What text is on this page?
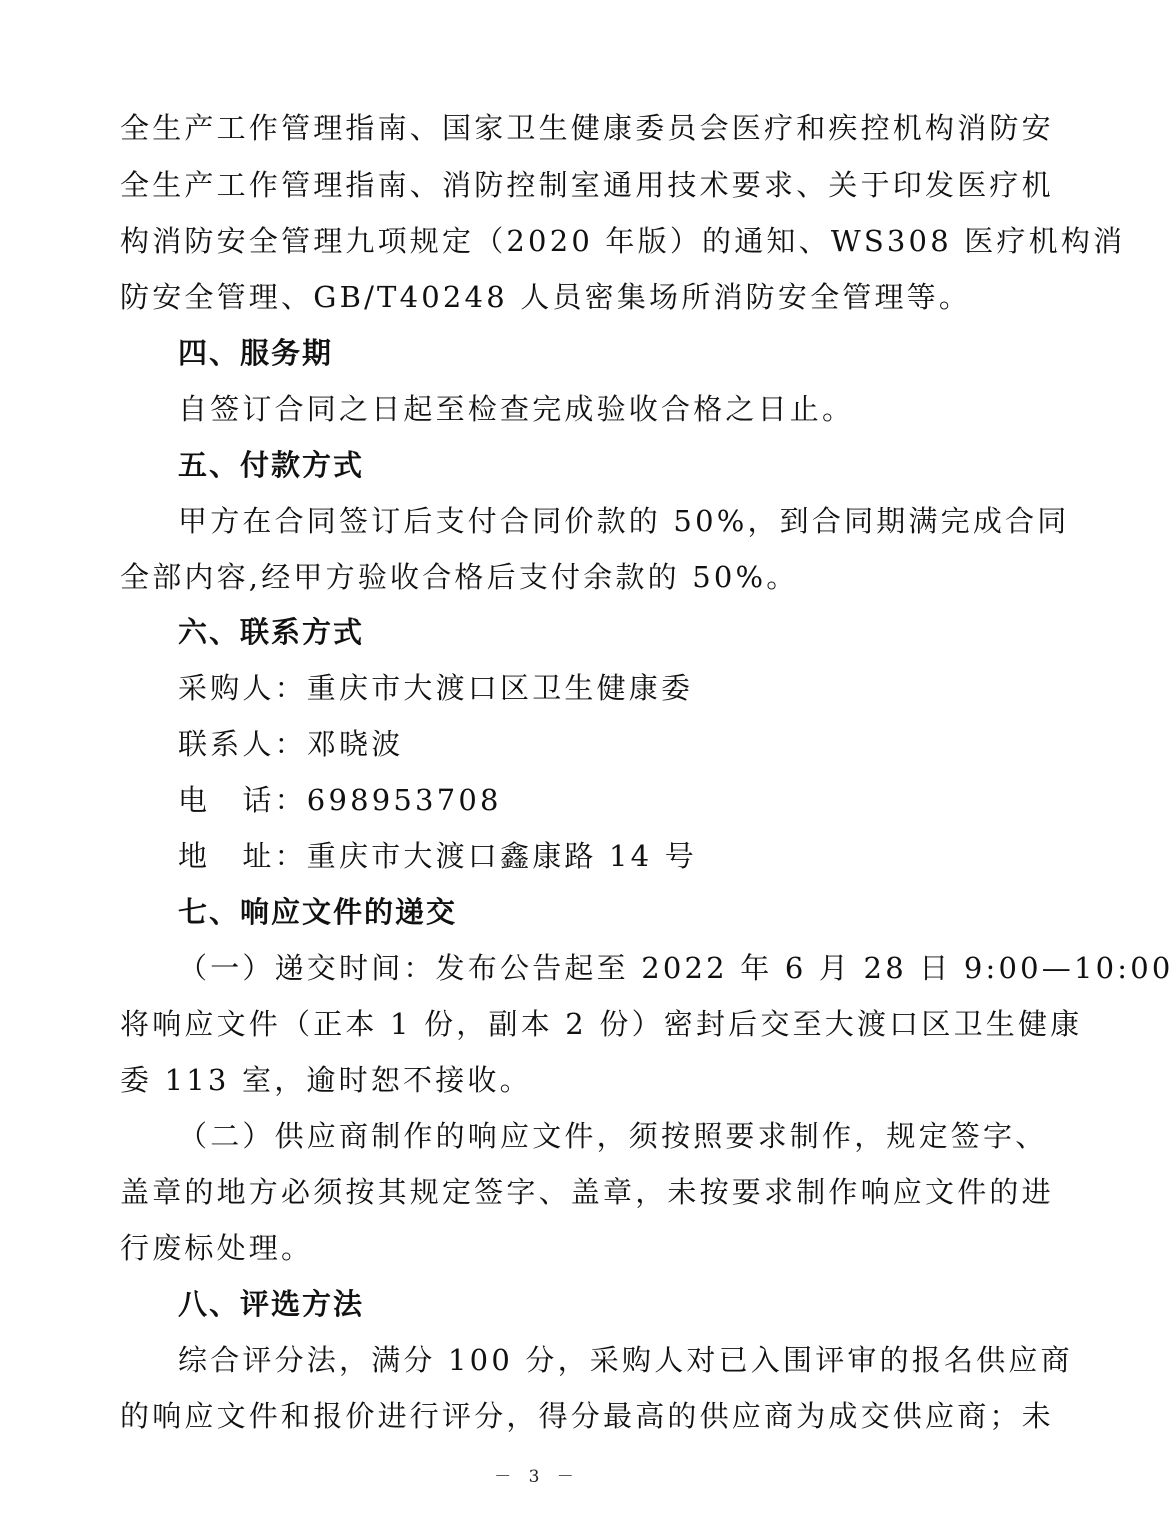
全生产工作管理指南、国家卫生健康委员会医疗和疾控机构消防安
全生产工作管理指南、消防控制室通用技术要求、关于印发医疗机
构消防安全管理九项规定（2020 年版）的通知、WS308 医疗机构消
防安全管理、GB/T40248 人员密集场所消防安全管理等。
四、服务期
自签订合同之日起至检查完成验收合格之日止。
五、付款方式
甲方在合同签订后支付合同价款的 50%，到合同期满完成合同
全部内容,经甲方验收合格后支付余款的 50%。
六、联系方式
采购人：重庆市大渡口区卫生健康委
联系人：邓晓波
电　话：698953708
地　址：重庆市大渡口鑫康路 14 号
七、响应文件的递交
（一）递交时间：发布公告起至 2022 年 6 月 28 日 9:00—10:00
将响应文件（正本 1 份，副本 2 份）密封后交至大渡口区卫生健康
委 113 室，逾时恕不接收。
（二）供应商制作的响应文件，须按照要求制作，规定签字、
盖章的地方必须按其规定签字、盖章，未按要求制作响应文件的进
行废标处理。
八、评选方法
综合评分法，满分 100 分，采购人对已入围评审的报名供应商
的响应文件和报价进行评分，得分最高的供应商为成交供应商；未
－ 3 －
